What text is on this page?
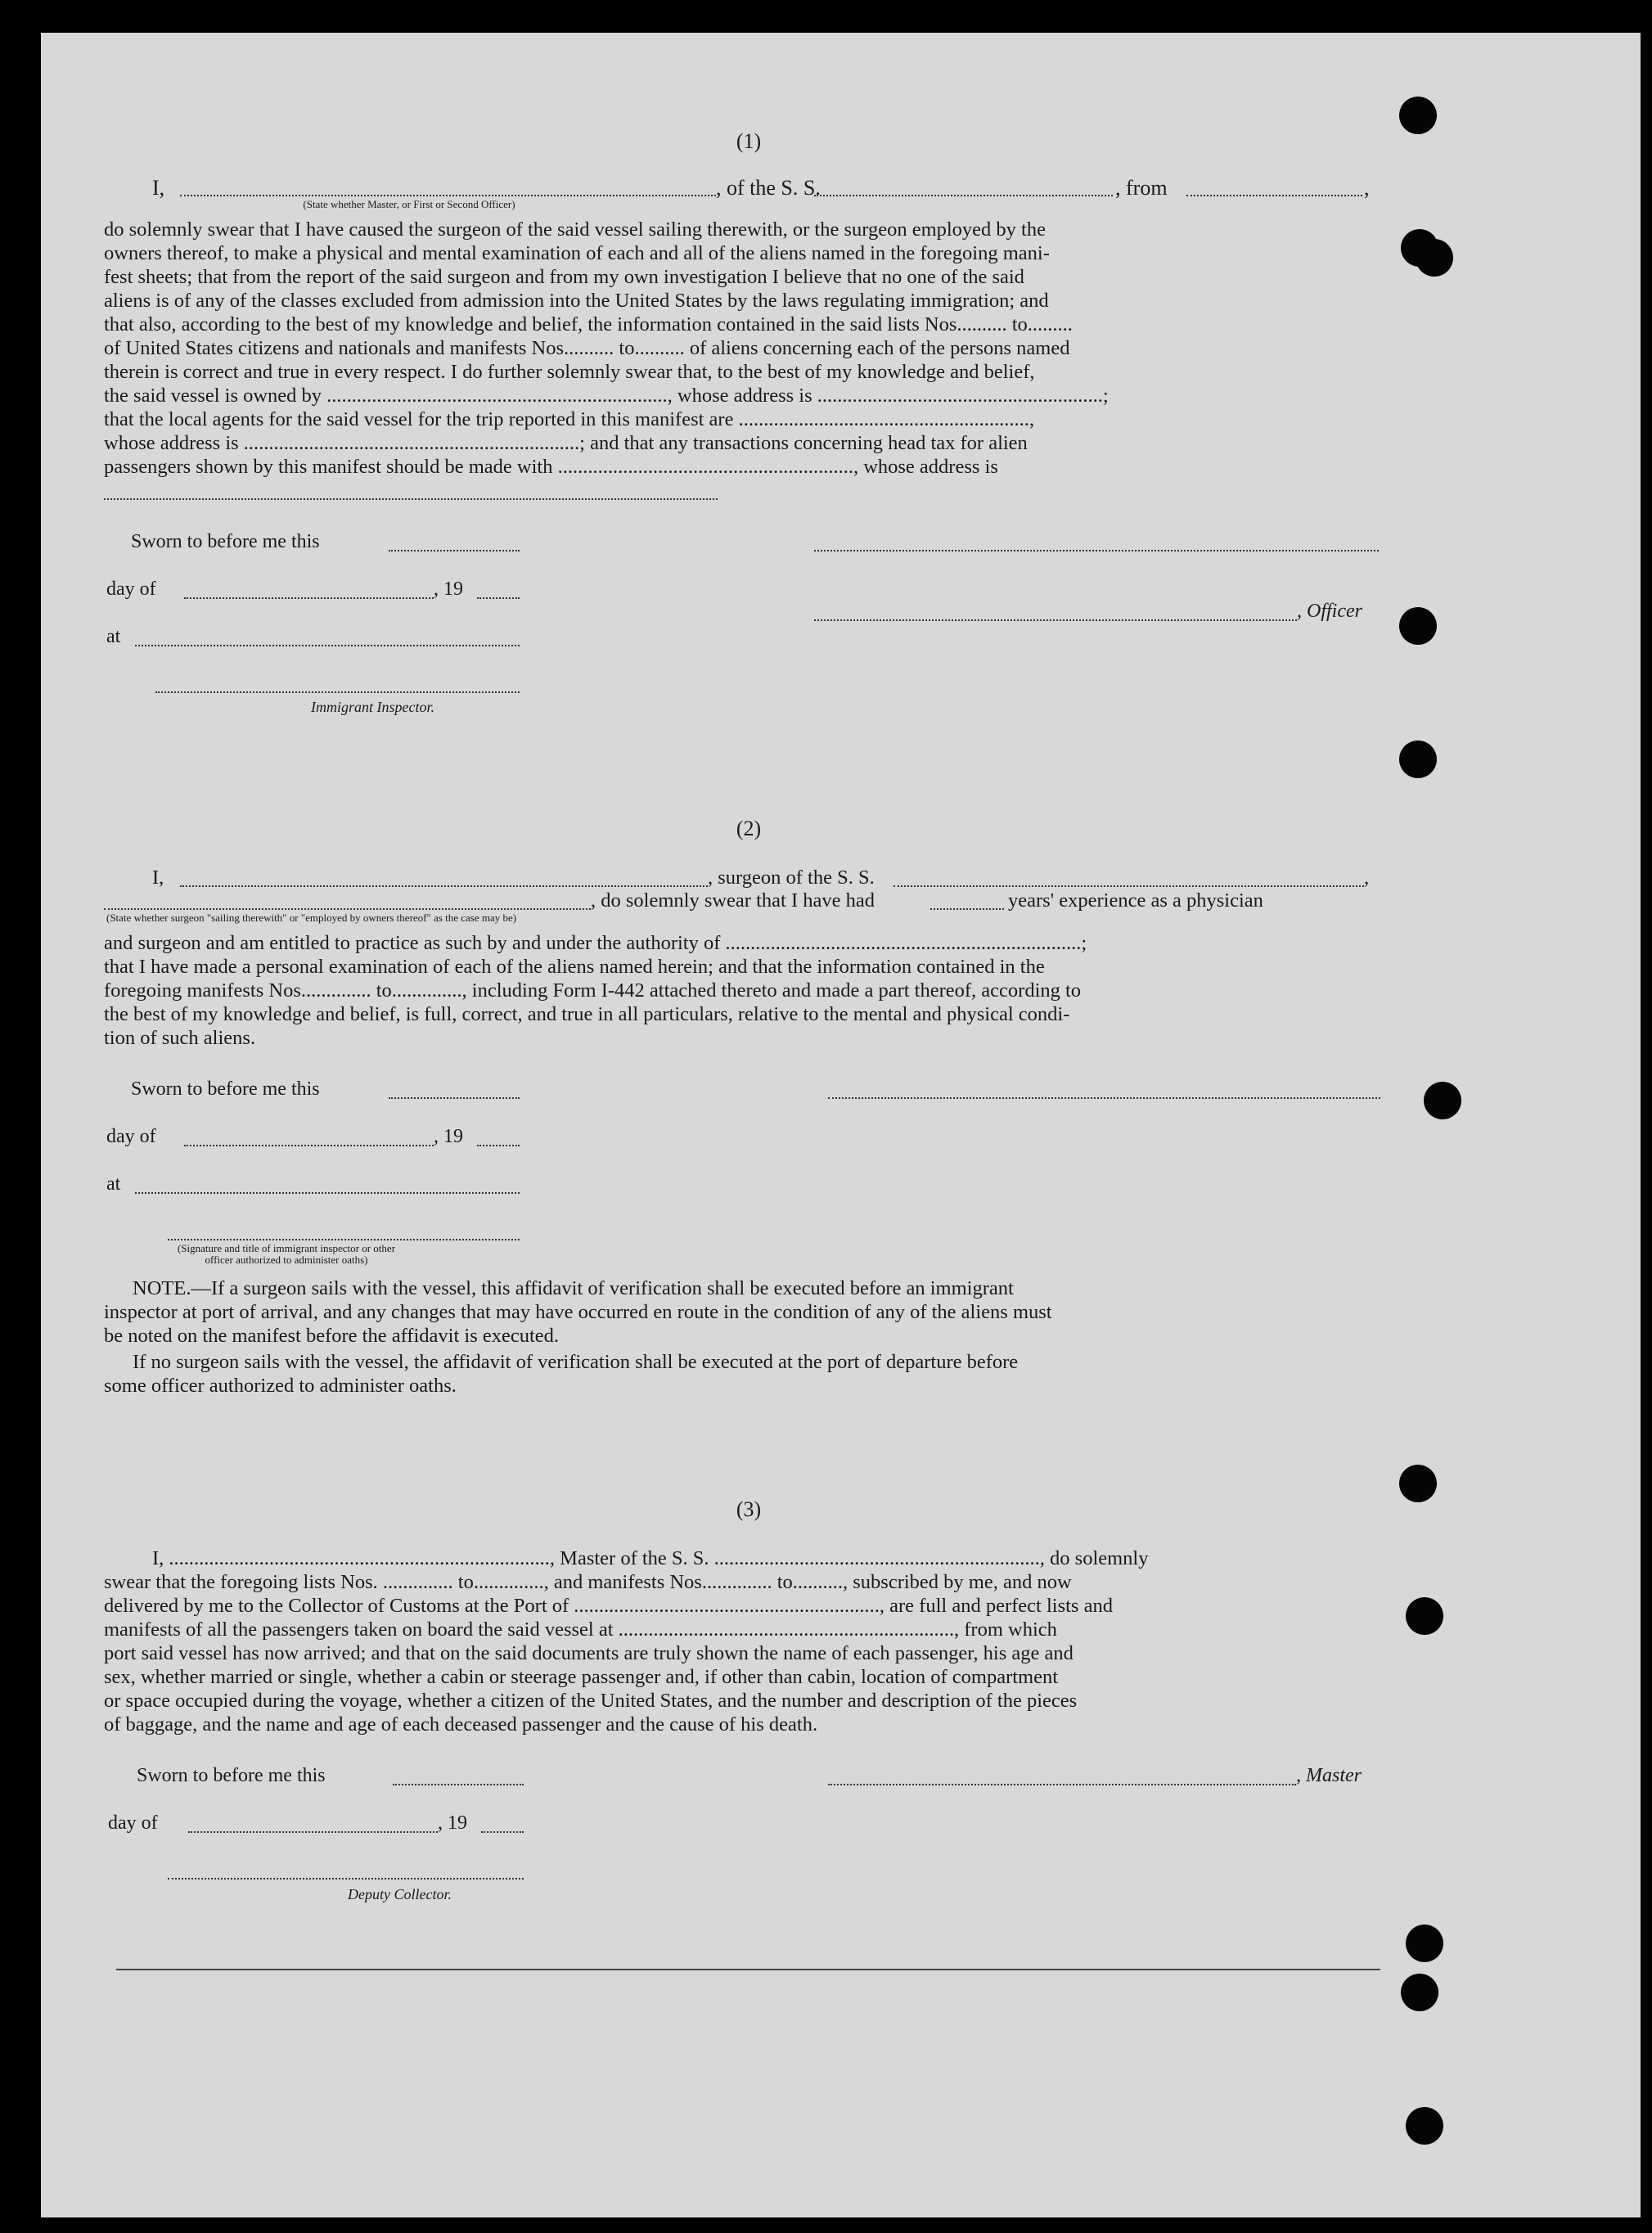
(1)
I,	, of the S. S.	, from	,
(State whether Master, or First or Second Officer)
do solemnly swear that I have caused the surgeon of the said vessel sailing therewith, or the surgeon employed by the
owners thereof, to make a physical and mental examination of each and all of the aliens named in the foregoing mani-
fest sheets; that from the report of the said surgeon and from my own investigation I believe that no one of the said
aliens is of any of the classes excluded from admission into the United States by the laws regulating immigration; and
that also, according to the best of my knowledge and belief, the information contained in the said lists Nos.......... to.........
of United States citizens and nationals and manifests Nos.......... to.......... of aliens concerning each of the persons named
therein is correct and true in every respect. I do further solemnly swear that, to the best of my knowledge and belief,
the said vessel is owned by ...................................................................., whose address is .........................................................;
that the local agents for the said vessel for the trip reported in this manifest are ..........................................................,
whose address is ...................................................................; and that any transactions concerning head tax for alien
passengers shown by this manifest should be made with ..........................................................., whose address is
Sworn to before me this
day of	, 19
, Officer
at
Immigrant Inspector.
(2)
I,	, surgeon of the S. S.	,
, do solemnly swear that I have had	years' experience as a physician
(State whether surgeon "sailing therewith" or "employed by owners thereof" as the case may be)
and surgeon and am entitled to practice as such by and under the authority of .......................................................................;
that I have made a personal examination of each of the aliens named herein; and that the information contained in the
foregoing manifests Nos.............. to.............., including Form I-442 attached thereto and made a part thereof, according to
the best of my knowledge and belief, is full, correct, and true in all particulars, relative to the mental and physical condi-
tion of such aliens.
Sworn to before me this
day of	, 19
at
(Signature and title of immigrant inspector or other officer authorized to administer oaths)
NOTE.—If a surgeon sails with the vessel, this affidavit of verification shall be executed before an immigrant
inspector at port of arrival, and any changes that may have occurred en route in the condition of any of the aliens must
be noted on the manifest before the affidavit is executed.
If no surgeon sails with the vessel, the affidavit of verification shall be executed at the port of departure before
some officer authorized to administer oaths.
(3)
I, ............................................................................, Master of the S. S. ................................................................., do solemnly
swear that the foregoing lists Nos. .............. to.............., and manifests Nos.............. to.........., subscribed by me, and now
delivered by me to the Collector of Customs at the Port of ............................................................., are full and perfect lists and
manifests of all the passengers taken on board the said vessel at ..................................................................., from which
port said vessel has now arrived; and that on the said documents are truly shown the name of each passenger, his age and
sex, whether married or single, whether a cabin or steerage passenger and, if other than cabin, location of compartment
or space occupied during the voyage, whether a citizen of the United States, and the number and description of the pieces
of baggage, and the name and age of each deceased passenger and the cause of his death.
Sworn to before me this	, Master
day of	, 19
Deputy Collector.
